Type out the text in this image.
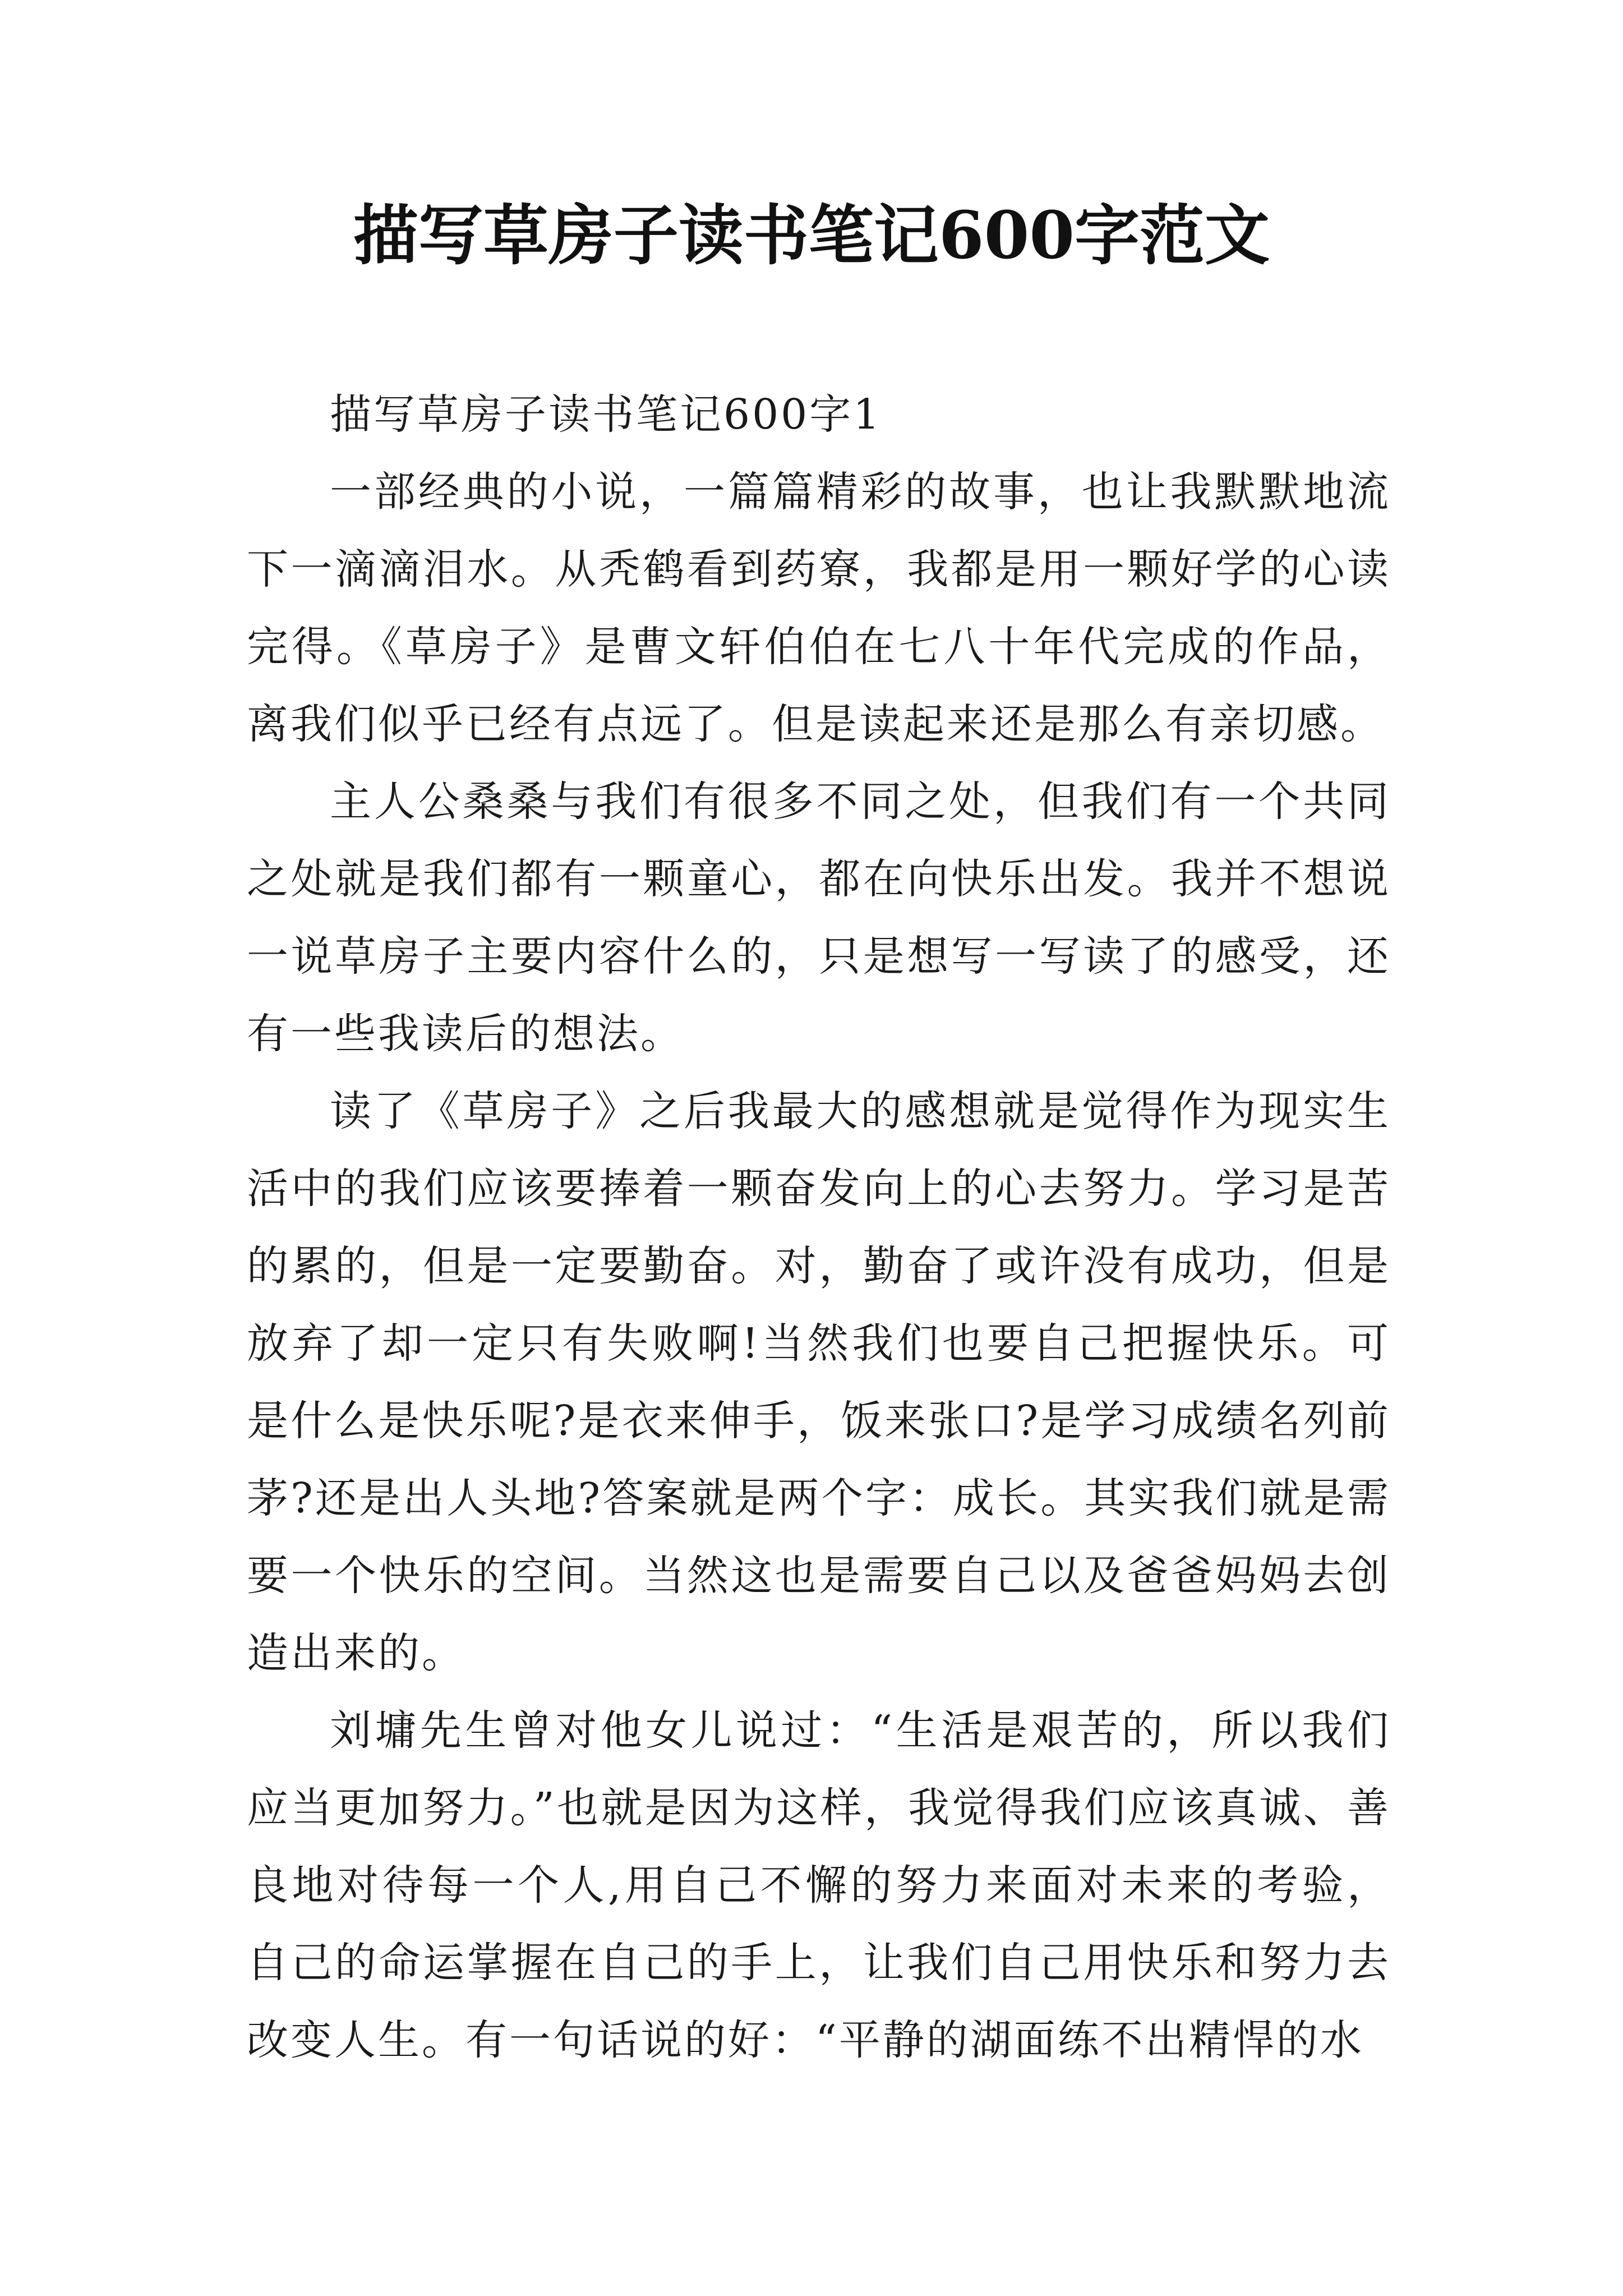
描写草房子读书笔记600字范文

描写草房子读书笔记600字1

一部经典的小说，一篇篇精彩的故事，也让我默默地流下一滴滴泪水。从秃鹤看到药寮，我都是用一颗好学的心读完得。《草房子》是曹文轩伯伯在七八十年代完成的作品，离我们似乎已经有点远了。但是读起来还是那么有亲切感。

主人公桑桑与我们有很多不同之处，但我们有一个共同之处就是我们都有一颗童心，都在向快乐出发。我并不想说一说草房子主要内容什么的，只是想写一写读了的感受，还有一些我读后的想法。

读了《草房子》之后我最大的感想就是觉得作为现实生活中的我们应该要捧着一颗奋发向上的心去努力。学习是苦的累的，但是一定要勤奋。对，勤奋了或许没有成功，但是放弃了却一定只有失败啊!当然我们也要自己把握快乐。可是什么是快乐呢?是衣来伸手，饭来张口?是学习成绩名列前茅?还是出人头地?答案就是两个字：成长。其实我们就是需要一个快乐的空间。当然这也是需要自己以及爸爸妈妈去创造出来的。

刘墉先生曾对他女儿说过：“生活是艰苦的，所以我们应当更加努力。”也就是因为这样，我觉得我们应该真诚、善良地对待每一个人,用自己不懈的努力来面对未来的考验，自己的命运掌握在自己的手上，让我们自己用快乐和努力去改变人生。有一句话说的好：“平静的湖面练不出精悍的水
